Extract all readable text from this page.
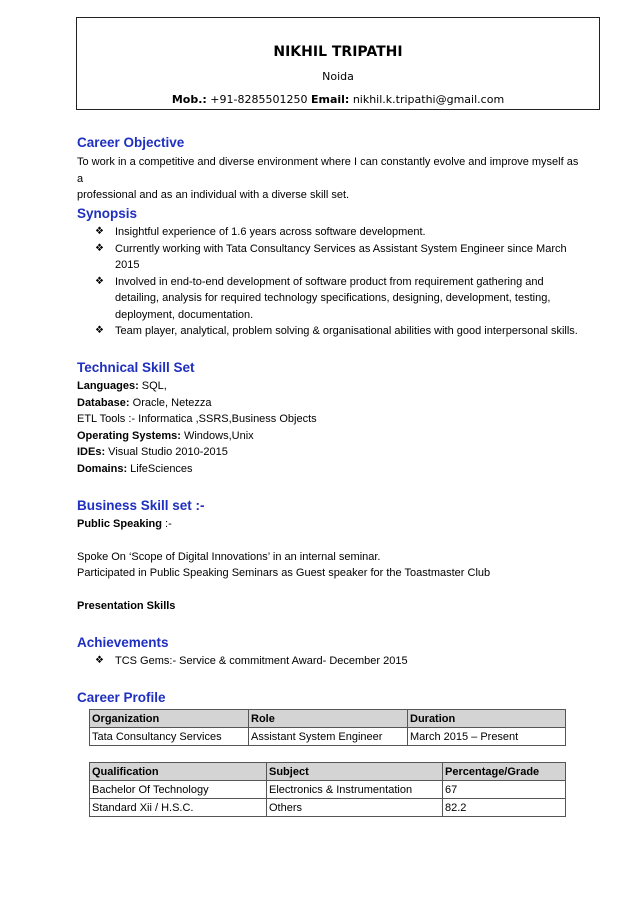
NIKHIL TRIPATHI
Noida
Mob.: +91-8285501250 Email: nikhil.k.tripathi@gmail.com
Career Objective
To work in a competitive and diverse environment where I can constantly evolve and improve myself as a
professional and as an individual with a diverse skill set.
Synopsis
❖ Insightful experience of 1.6 years across software development.
❖ Currently working with Tata Consultancy Services as Assistant System Engineer since March
2015
❖ Involved in end-to-end development of software product from requirement gathering and
detailing, analysis for required technology specifications, designing, development, testing,
deployment, documentation.
❖ Team player, analytical, problem solving & organisational abilities with good interpersonal skills.
Technical Skill Set
Languages: SQL,
Database: Oracle, Netezza
ETL Tools :- Informatica ,SSRS,Business Objects
Operating Systems: Windows,Unix
IDEs: Visual Studio 2010-2015
Domains: LifeSciences
Business Skill set :-
Public Speaking :-
Spoke On ‘Scope of Digital Innovations’ in an internal seminar.
Participated in Public Speaking Seminars as Guest speaker for the Toastmaster Club
Presentation Skills
Achievements
❖ TCS Gems:- Service & commitment Award- December 2015
Career Profile
Organization	Role	Duration
Tata Consultancy Services	Assistant System Engineer	March 2015 – Present
Qualification	Subject	Percentage/Grade
Bachelor Of Technology	Electronics & Instrumentation	67
Standard Xii / H.S.C.	Others	82.2
